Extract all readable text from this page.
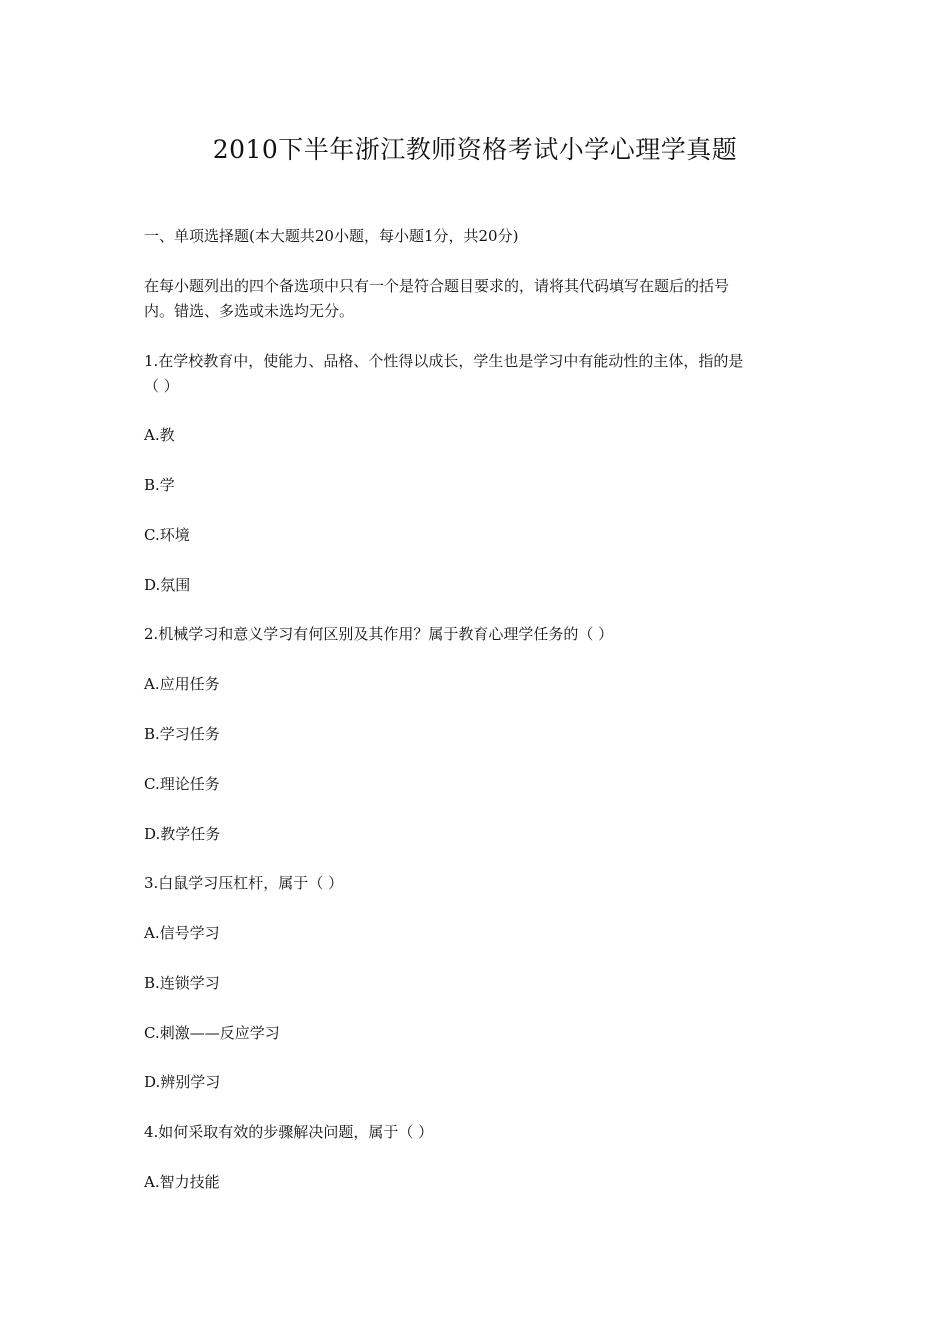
2010下半年浙江教师资格考试小学心理学真题
一、单项选择题(本大题共20小题，每小题1分，共20分)
在每小题列出的四个备选项中只有一个是符合题目要求的，请将其代码填写在题后的括号
内。错选、多选或未选均无分。
1.在学校教育中，使能力、品格、个性得以成长，学生也是学习中有能动性的主体，指的是
（ ）
A.教
B.学
C.环境
D.氛围
2.机械学习和意义学习有何区别及其作用？属于教育心理学任务的（ ）
A.应用任务
B.学习任务
C.理论任务
D.教学任务
3.白鼠学习压杠杆，属于（ ）
A.信号学习
B.连锁学习
C.刺激——反应学习
D.辨别学习
4.如何采取有效的步骤解决问题，属于（ ）
A.智力技能
